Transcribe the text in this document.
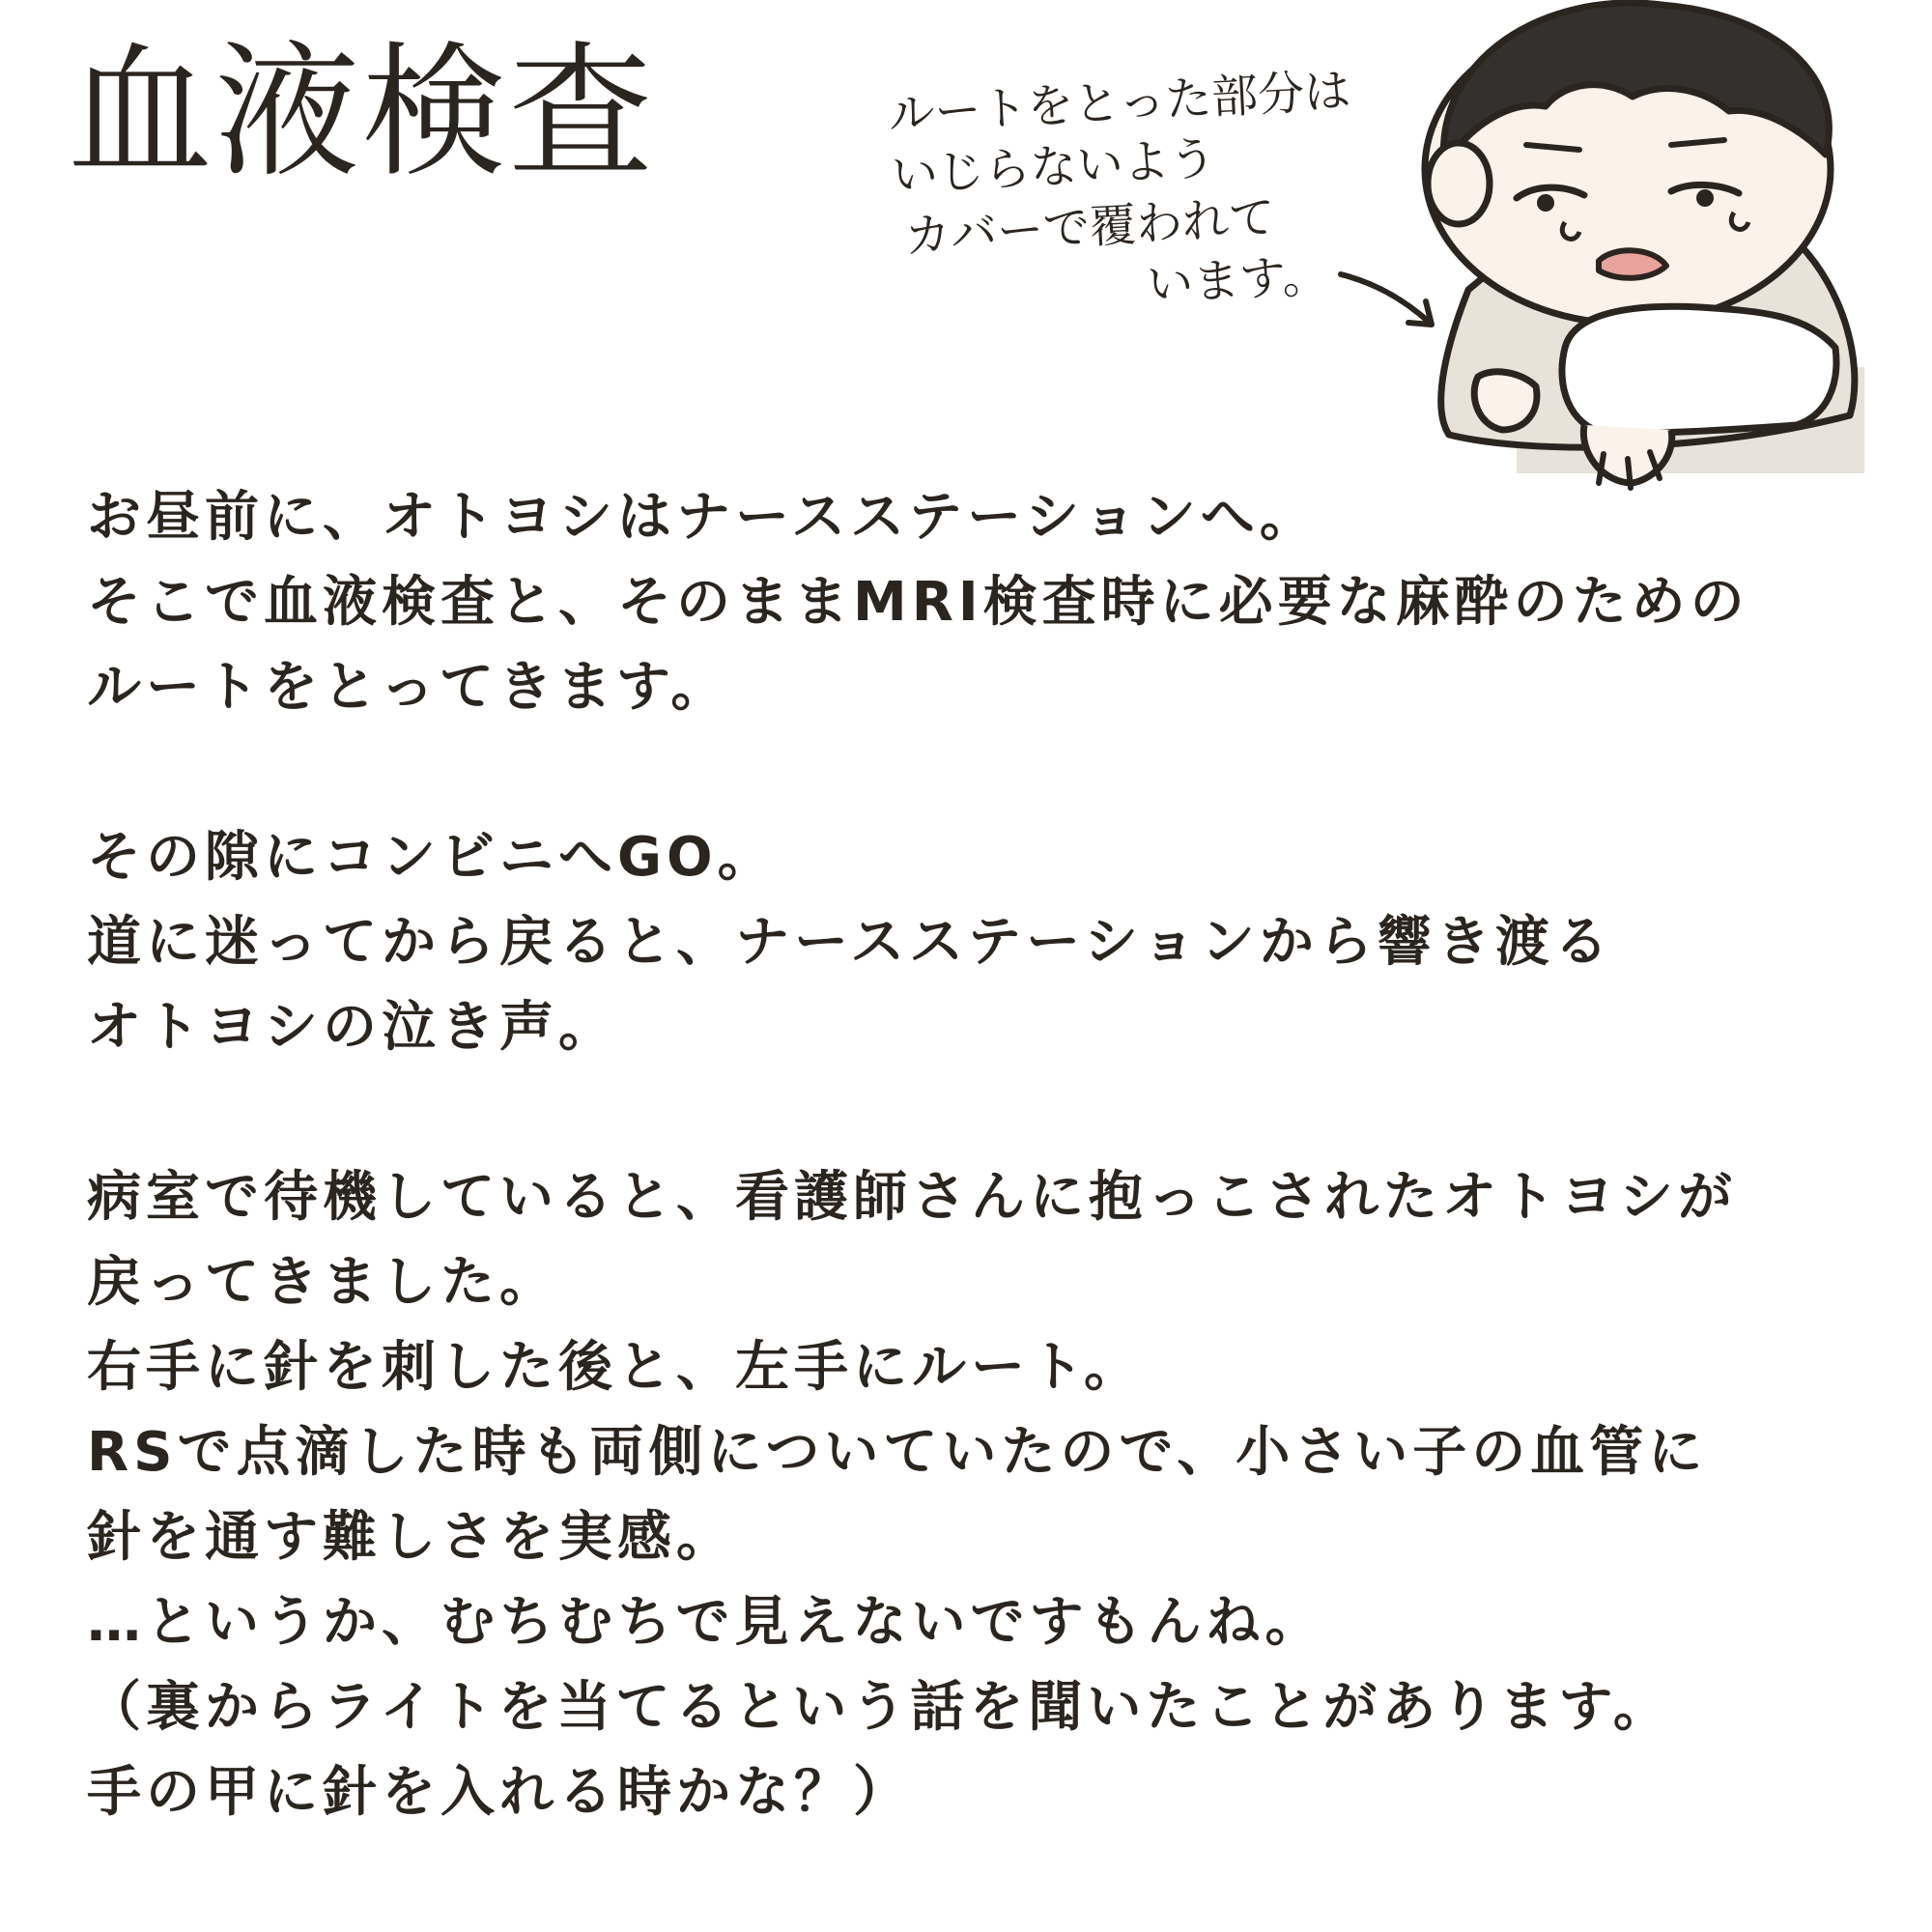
血液検査	ルートをとった部分は
いじらないよう
カバーで覆われて
います。
お昼前に、オトヨシはナースステーションへ。
そこで血液検査と、そのままMRI検査時に必要な麻酔のための
ルートをとってきます。
その隙にコンビニへGO。
道に迷ってから戻ると、ナースステーションから響き渡る
オトヨシの泣き声。
病室で待機していると、看護師さんに抱っこされたオトヨシが
戻ってきました。
右手に針を刺した後と、左手にルート。
RSで点滴した時も両側についていたので、小さい子の血管に
針を通す難しさを実感。
…というか、むちむちで見えないですもんね。
（裏からライトを当てるという話を聞いたことがあります。
手の甲に針を入れる時かな？）
